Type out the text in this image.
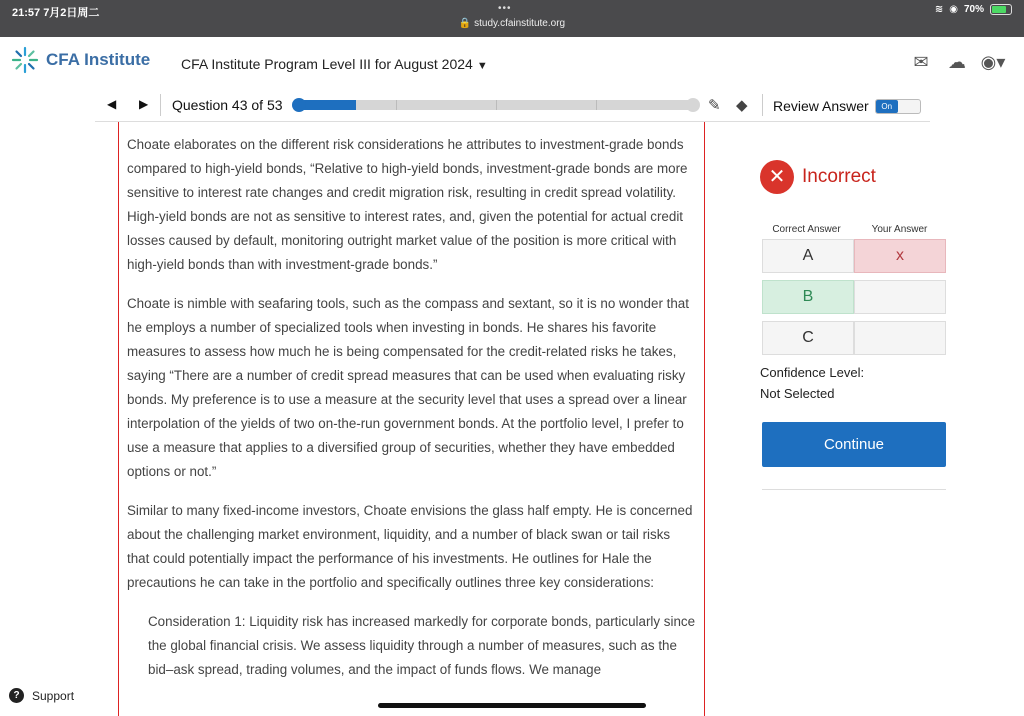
21:57 7月2日周二	•••
🔒 study.cfainstitute.org
≋ ◉ 70%
CFA Institute CFA Institute Program Level III for August 2024 ▼	✉ ☁ ◉▾
◀ ▶ Question 43 of 53	✎	◆	Review Answer	On

Choate elaborates on the different risk considerations he attributes to investment-grade bonds compared to high-yield bonds, “Relative to high-yield bonds, investment-grade bonds are more sensitive to interest rate changes and credit migration risk, resulting in credit spread volatility. High-yield bonds are not as sensitive to interest rates, and, given the potential for actual credit losses caused by default, monitoring outright market value of the position is more critical with high-yield bonds than with investment-grade bonds.”

Choate is nimble with seafaring tools, such as the compass and sextant, so it is no wonder that he employs a number of specialized tools when investing in bonds. He shares his favorite measures to assess how much he is being compensated for the credit-related risks he takes, saying “There are a number of credit spread measures that can be used when evaluating risky bonds. My preference is to use a measure at the security level that uses a spread over a linear interpolation of the yields of two on-the-run government bonds. At the portfolio level, I prefer to use a measure that applies to a diversified group of securities, whether they have embedded options or not.”

Similar to many fixed-income investors, Choate envisions the glass half empty. He is concerned about the challenging market environment, liquidity, and a number of black swan or tail risks that could potentially impact the performance of his investments. He outlines for Hale the precautions he can take in the portfolio and specifically outlines three key considerations:

Consideration 1: Liquidity risk has increased markedly for corporate bonds, particularly since the global financial crisis. We assess liquidity through a number of measures, such as the bid–ask spread, trading volumes, and the impact of funds flows. We manage

✕ Incorrect
Correct Answer	Your Answer
A	x
B
C
Confidence Level:
Not Selected
Continue
?	Support
